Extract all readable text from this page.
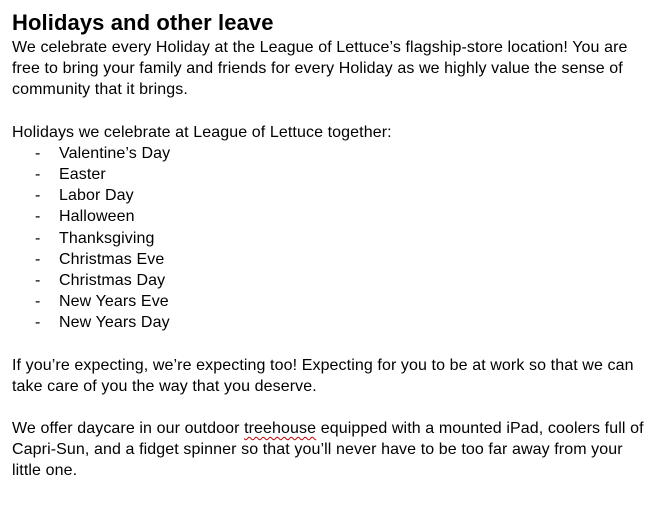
Holidays and other leave

We celebrate every Holiday at the League of Lettuce’s flagship-store location! You are free to bring your family and friends for every Holiday as we highly value the sense of community that it brings.

Holidays we celebrate at League of Lettuce together:

- Valentine’s Day
- Easter
- Labor Day
- Halloween
- Thanksgiving
- Christmas Eve
- Christmas Day
- New Years Eve
- New Years Day

If you’re expecting, we’re expecting too! Expecting for you to be at work so that we can take care of you the way that you deserve.

We offer daycare in our outdoor treehouse equipped with a mounted iPad, coolers full of Capri-Sun, and a fidget spinner so that you’ll never have to be too far away from your little one.
